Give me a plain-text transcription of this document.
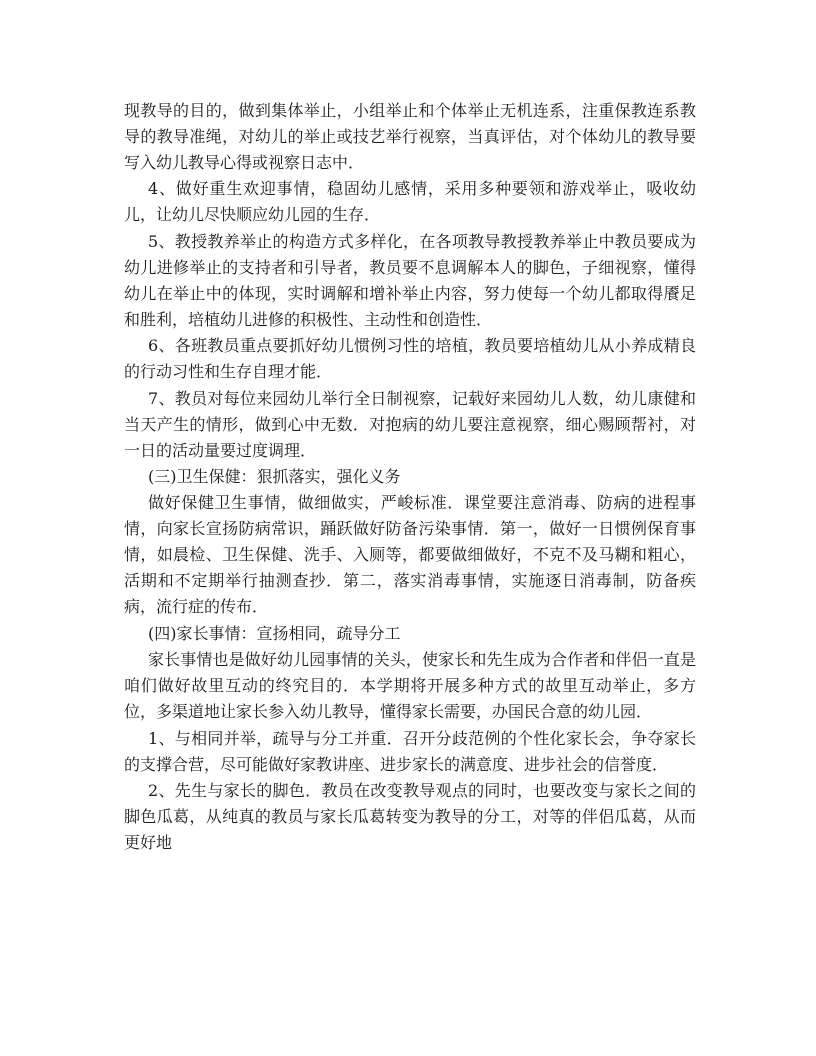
现教导的目的，做到集体举止，小组举止和个体举止无机连系，注重保教连系教导的教导准绳，对幼儿的举止或技艺举行视察，当真评估，对个体幼儿的教导要写入幼儿教导心得或视察日志中．

4、做好重生欢迎事情，稳固幼儿感情，采用多种要领和游戏举止，吸收幼儿，让幼儿尽快顺应幼儿园的生存．

5、教授教养举止的构造方式多样化，在各项教导教授教养举止中教员要成为幼儿进修举止的支持者和引导者，教员要不息调解本人的脚色，子细视察，懂得幼儿在举止中的体现，实时调解和增补举止内容，努力使每一个幼儿都取得餍足和胜利，培植幼儿进修的积极性、主动性和创造性．

6、各班教员重点要抓好幼儿惯例习性的培植，教员要培植幼儿从小养成精良的行动习性和生存自理才能．

7、教员对每位来园幼儿举行全日制视察，记载好来园幼儿人数，幼儿康健和当天产生的情形，做到心中无数．对抱病的幼儿要注意视察，细心赐顾帮衬，对一日的活动量要过度调理．

(三)卫生保健：狠抓落实，强化义务

做好保健卫生事情，做细做实，严峻标准．课堂要注意消毒、防病的进程事情，向家长宣扬防病常识，踊跃做好防备污染事情．第一，做好一日惯例保育事情，如晨检、卫生保健、洗手、入厕等，都要做细做好，不克不及马糊和粗心，活期和不定期举行抽测查抄．第二，落实消毒事情，实施逐日消毒制，防备疾病，流行症的传布．

(四)家长事情：宣扬相同，疏导分工

家长事情也是做好幼儿园事情的关头，使家长和先生成为合作者和伴侣一直是咱们做好故里互动的终究目的．本学期将开展多种方式的故里互动举止，多方位，多渠道地让家长参入幼儿教导，懂得家长需要，办国民合意的幼儿园．

1、与相同并举，疏导与分工并重．召开分歧范例的个性化家长会，争夺家长的支撑合营，尽可能做好家教讲座、进步家长的满意度、进步社会的信誉度．

2、先生与家长的脚色．教员在改变教导观点的同时，也要改变与家长之间的脚色瓜葛，从纯真的教员与家长瓜葛转变为教导的分工，对等的伴侣瓜葛，从而更好地
